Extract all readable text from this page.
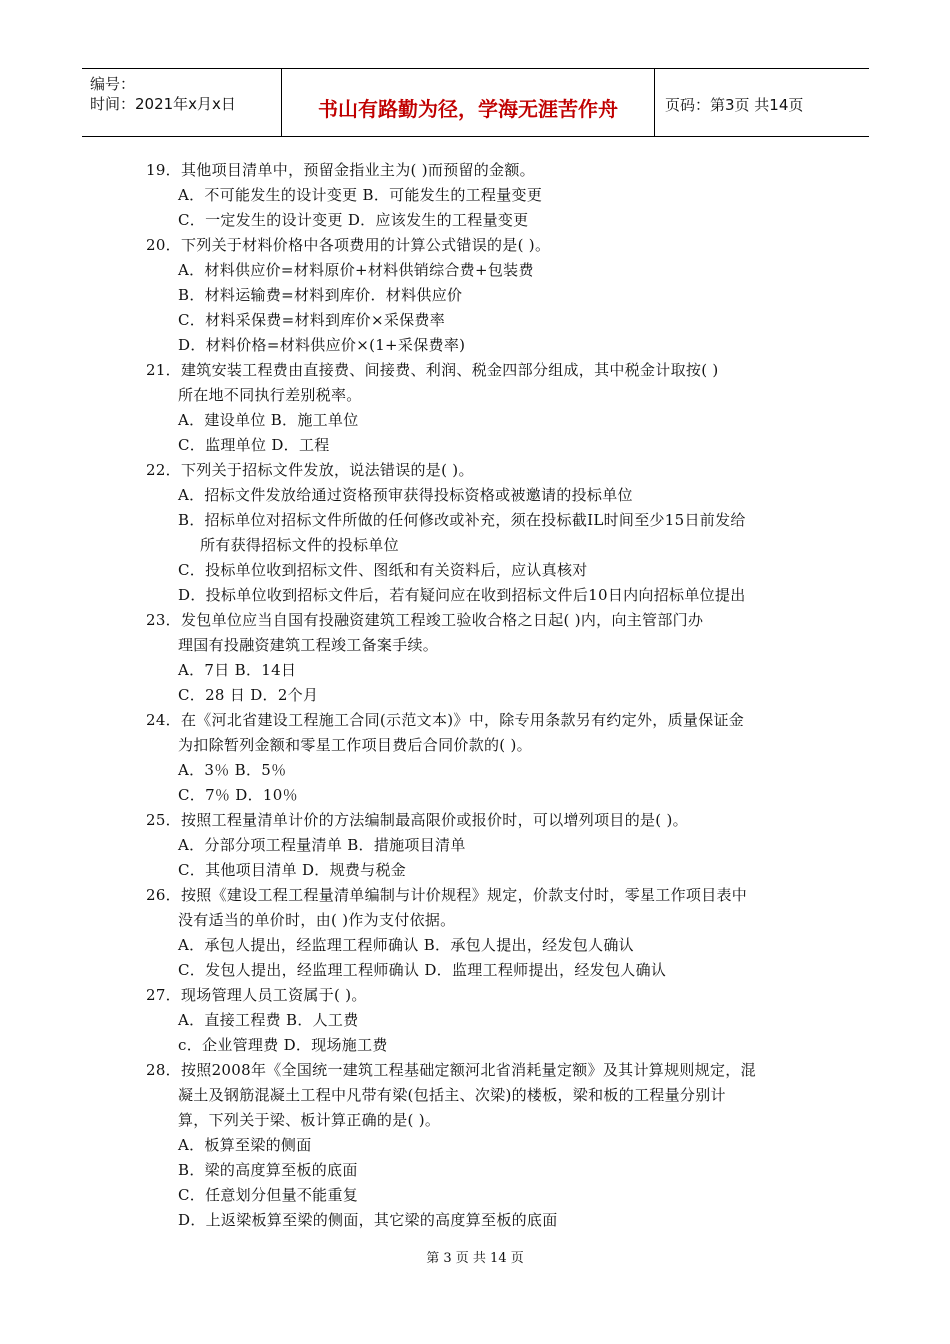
编号：
时间：2021年x月x日	书山有路勤为径，学海无涯苦作舟	页码：第3页 共14页
19．其他项目清单中，预留金指业主为( )而预留的金额。
A．不可能发生的设计变更 B．可能发生的工程量变更
C．一定发生的设计变更 D．应该发生的工程量变更
20．下列关于材料价格中各项费用的计算公式错误的是( )。
A．材料供应价=材料原价+材料供销综合费+包装费
B．材料运输费=材料到库价．材料供应价
C．材料采保费=材料到库价×采保费率
D．材料价格=材料供应价×(1+采保费率)
21．建筑安装工程费由直接费、间接费、利润、税金四部分组成，其中税金计取按( )
所在地不同执行差别税率。
A．建设单位 B．施工单位
C．监理单位 D．工程
22．下列关于招标文件发放，说法错误的是( )。
A．招标文件发放给通过资格预审获得投标资格或被邀请的投标单位
B．招标单位对招标文件所做的任何修改或补充，须在投标截IL时间至少15日前发给
所有获得招标文件的投标单位
C．投标单位收到招标文件、图纸和有关资料后，应认真核对
D．投标单位收到招标文件后，若有疑问应在收到招标文件后10日内向招标单位提出
23．发包单位应当自国有投融资建筑工程竣工验收合格之日起( )内，向主管部门办
理国有投融资建筑工程竣工备案手续。
A．7日 B．14日
C．28 日 D．2个月
24．在《河北省建设工程施工合同(示范文本)》中，除专用条款另有约定外，质量保证金
为扣除暂列金额和零星工作项目费后合同价款的( )。
A．3％ B．5％
C．7％ D．10％
25．按照工程量清单计价的方法编制最高限价或报价时，可以增列项目的是( )。
A．分部分项工程量清单 B．措施项目清单
C．其他项目清单 D．规费与税金
26．按照《建设工程工程量清单编制与计价规程》规定，价款支付时，零星工作项目表中
没有适当的单价时，由( )作为支付依据。
A．承包人提出，经监理工程师确认 B．承包人提出，经发包人确认
C．发包人提出，经监理工程师确认 D．监理工程师提出，经发包人确认
27．现场管理人员工资属于( )。
A．直接工程费 B．人工费
c．企业管理费 D．现场施工费
28．按照2008年《全国统一建筑工程基础定额河北省消耗量定额》及其计算规则规定，混
凝土及钢筋混凝土工程中凡带有梁(包括主、次梁)的楼板，梁和板的工程量分别计
算，下列关于梁、板计算正确的是( )。
A．板算至梁的侧面
B．梁的高度算至板的底面
C．任意划分但量不能重复
D．上返梁板算至梁的侧面，其它梁的高度算至板的底面
第 3 页 共 14 页
